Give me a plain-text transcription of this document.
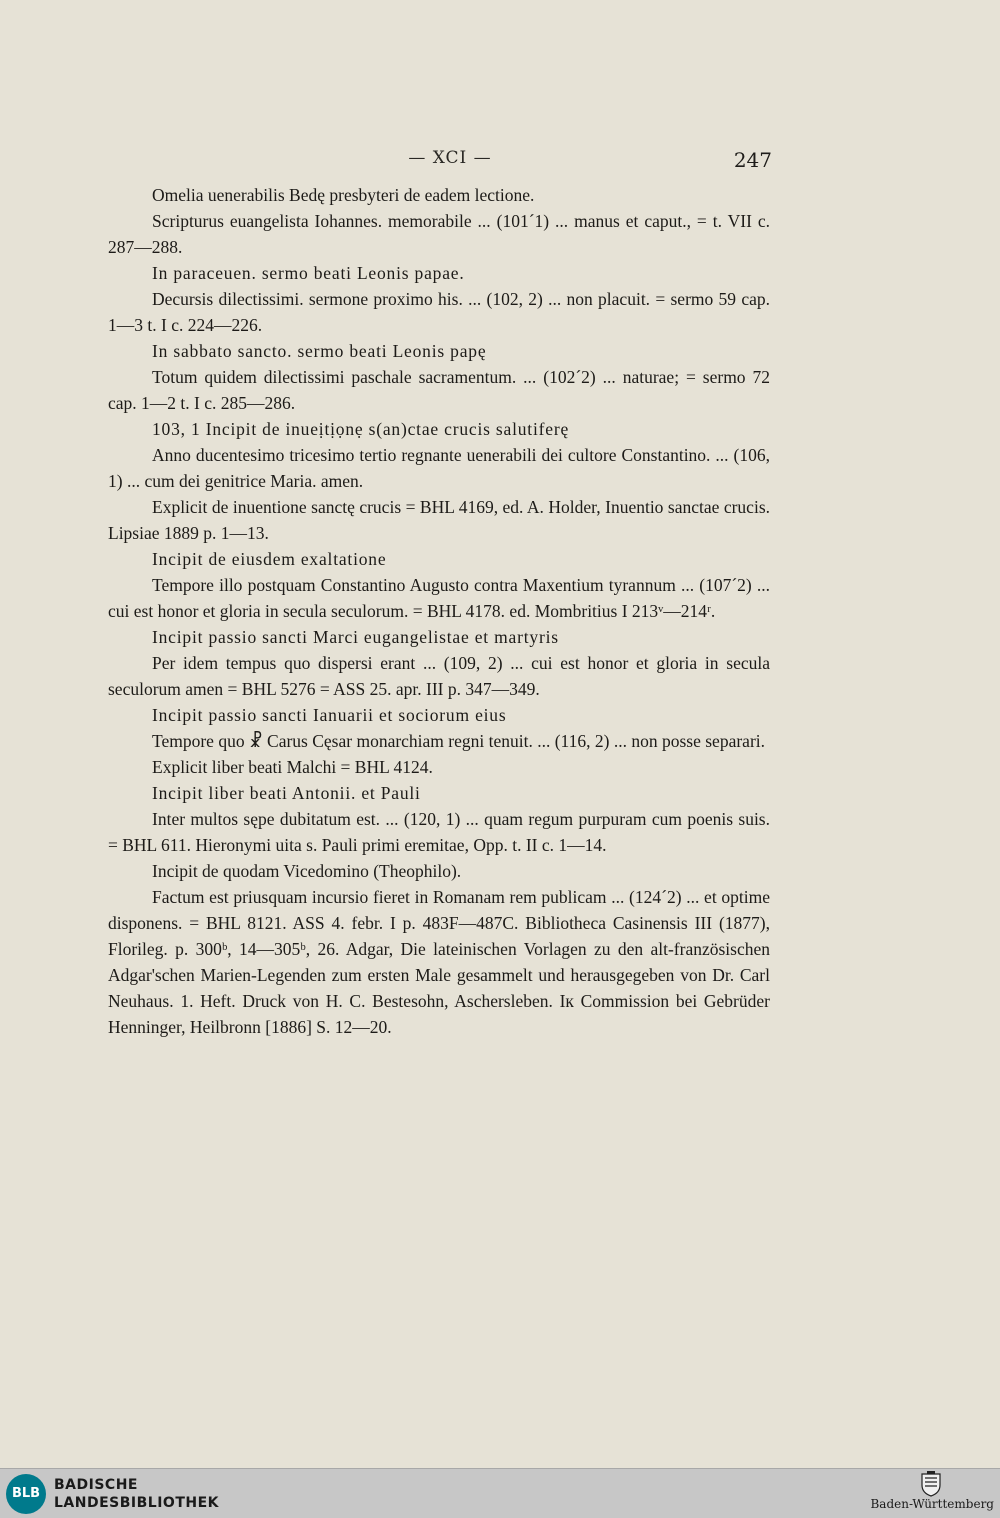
— XCI —	247

Omelia uenerabilis Bedę presbyteri de eadem lectione.

Scripturus euangelista Iohannes. memorabile ... (101´1) ... manus et caput., = t. VII c. 287—288.

In paraceuen. sermo beati Leonis papae.

Decursis dilectissimi. sermone proximo his. ... (102, 2) ... non placuit. = sermo 59 cap. 1—3 t. I c. 224—226.

In sabbato sancto. sermo beati Leonis papę

Totum quidem dilectissimi paschale sacramentum. ... (102´2) ... naturae; = sermo 72 cap. 1—2 t. I c. 285—286.

103, 1 Incipit de inueịtịọnẹ s(an)ctae crucis salutiferę

Anno ducentesimo tricesimo tertio regnante uenerabili dei cultore Constantino. ... (106, 1) ... cum dei genitrice Maria. amen.

Explicit de inuentione sanctę crucis = BHL 4169, ed. A. Holder, Inuentio sanctae crucis. Lipsiae 1889 p. 1—13.

Incipit de eiusdem exaltatione

Tempore illo postquam Constantino Augusto contra Maxentium tyrannum ... (107´2) ... cui est honor et gloria in secula seculorum. = BHL 4178. ed. Mombritius I 213ᵛ—214ʳ.

Incipit passio sancti Marci eugangelistae et martyris

Per idem tempus quo dispersi erant ... (109, 2) ... cui est honor et gloria in secula seculorum amen = BHL 5276 = ASS 25. apr. III p. 347—349.

Incipit passio sancti Ianuarii et sociorum eius

Tempore quo ☧ Carus Cęsar monarchiam regni tenuit. ... (116, 2) ... non posse separari.

Explicit liber beati Malchi = BHL 4124.

Incipit liber beati Antonii. et Pauli

Inter multos sępe dubitatum est. ... (120, 1) ... quam regum purpuram cum poenis suis. = BHL 611. Hieronymi uita s. Pauli primi eremitae, Opp. t. II c. 1—14.

Incipit de quodam Vicedomino (Theophilo).

Factum est priusquam incursio fieret in Romanam rem publicam ... (124´2) ... et optime disponens. = BHL 8121. ASS 4. febr. I p. 483F—487C. Bibliotheca Casinensis III (1877), Florileg. p. 300ᵇ, 14—305ᵇ, 26. Adgar, Die lateinischen Vorlagen zu den alt-französischen Adgar'schen Marien-Legenden zum ersten Male gesammelt und herausgegeben von Dr. Carl Neuhaus. 1. Heft. Druck von H. C. Bestesohn, Aschersleben. Iк Commission bei Gebrüder Henninger, Heilbronn [1886] S. 12—20.

BLB
BADISCHE
LANDESBIBLIOTHEK	Baden-Württemberg
